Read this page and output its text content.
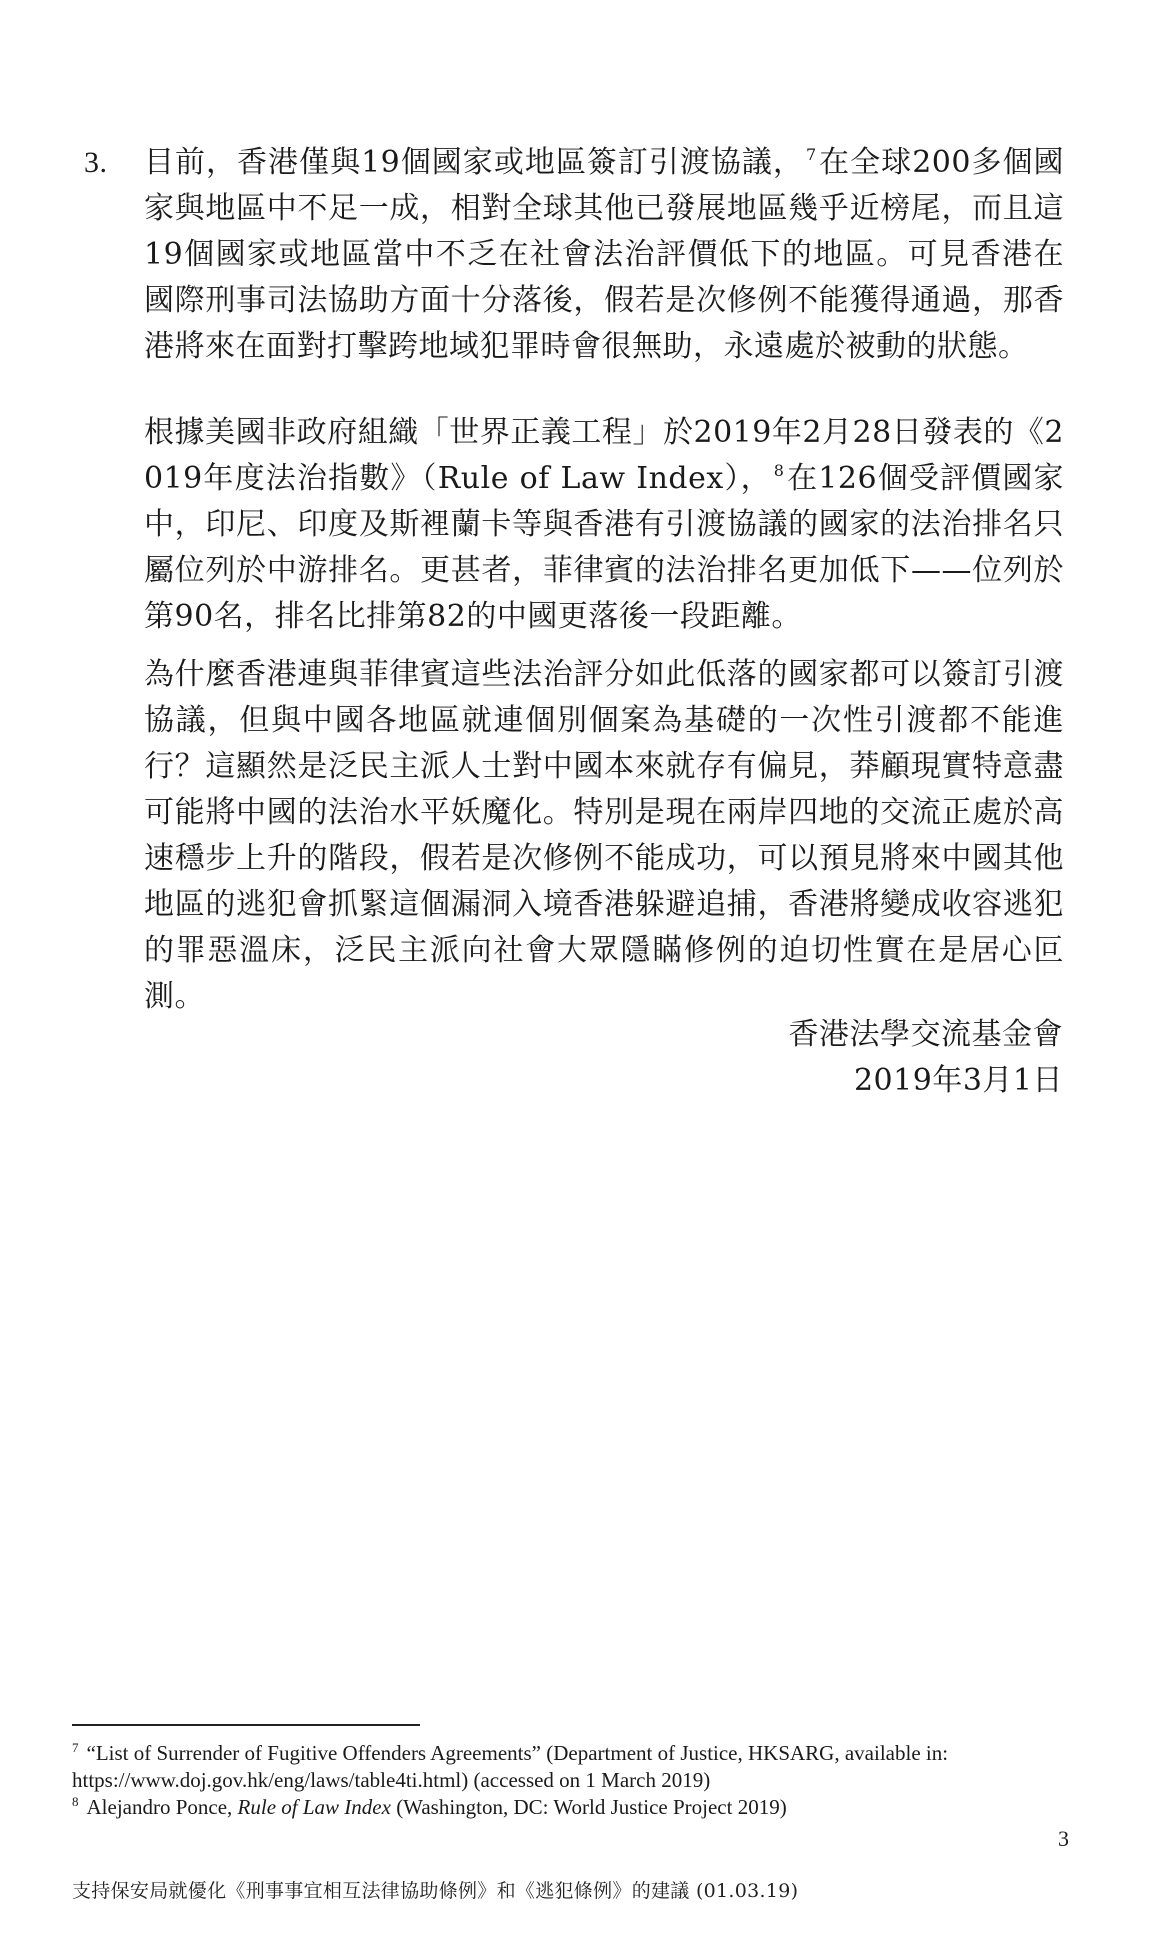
3. 目前，香港僅與19個國家或地區簽訂引渡協議， $^7$在全球200多個國家與地區中不足一成，相對全球其他已發展地區幾乎近榜尾，而且這19個國家或地區當中不乏在社會法治評價低下的地區。可見香港在國際刑事司法協助方面十分落後，假若是次修例不能獲得通過，那香港將來在面對打擊跨地域犯罪時會很無助，永遠處於被動的狀態。
根據美國非政府組織「世界正義工程」於2019年2月28日發表的《2019年度法治指數》（Rule of Law Index）， $^8$在126個受評價國家中，印尼、印度及斯裡蘭卡等與香港有引渡協議的國家的法治排名只屬位列於中游排名。更甚者，菲律賓的法治排名更加低下——位列於第90名，排名比排第82的中國更落後一段距離。
為什麼香港連與菲律賓這些法治評分如此低落的國家都可以簽訂引渡協議，但與中國各地區就連個別個案為基礎的一次性引渡都不能進行？這顯然是泛民主派人士對中國本來就存有偏見，莽顧現實特意盡可能將中國的法治水平妖魔化。特別是現在兩岸四地的交流正處於高速穩步上升的階段，假若是次修例不能成功，可以預見將來中國其他地區的逃犯會抓緊這個漏洞入境香港躲避追捕，香港將變成收容逃犯的罪惡溫床，泛民主派向社會大眾隱瞞修例的迫切性實在是居心叵測。
香港法學交流基金會
2019年3月1日
$^7$ “List of Surrender of Fugitive Offenders Agreements” (Department of Justice, HKSARG, available in: https://www.doj.gov.hk/eng/laws/table4ti.html) (accessed on 1 March 2019)
$^8$ Alejandro Ponce, Rule of Law Index (Washington, DC: World Justice Project 2019)
3
支持保安局就優化《刑事事宜相互法律協助條例》和《逃犯條例》的建議 (01.03.19)
